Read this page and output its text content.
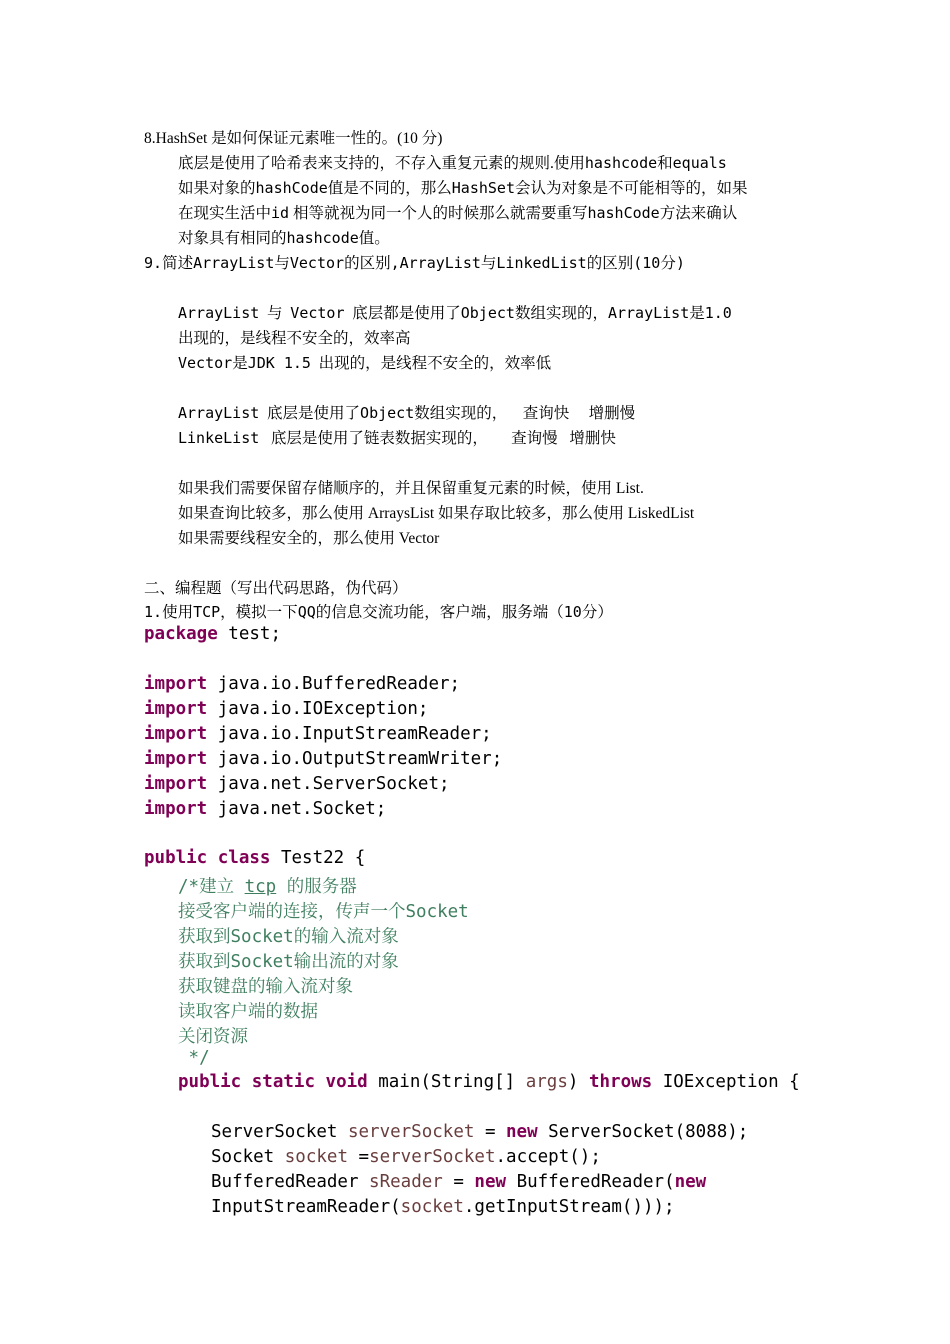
8.HashSet 是如何保证元素唯一性的。(10 分)
底层是使用了哈希表来支持的，不存入重复元素的规则.使用hashcode和equals
如果对象的hashCode值是不同的，那么HashSet会认为对象是不可能相等的，如果
在现实生活中id 相等就视为同一个人的时候那么就需要重写hashCode方法来确认
对象具有相同的hashcode值。
9.简述ArrayList与Vector的区别,ArrayList与LinkedList的区别(10分)
ArrayList 与 Vector 底层都是使用了Object数组实现的，ArrayList是1.0
出现的，是线程不安全的，效率高
Vector是JDK 1.5 出现的，是线程不安全的，效率低
ArrayList 底层是使用了Object数组实现的， 查询快 增删慢
LinkeList 底层是使用了链表数据实现的， 查询慢 增删快
如果我们需要保留存储顺序的，并且保留重复元素的时候，使用 List.
如果查询比较多，那么使用 ArraysList 如果存取比较多，那么使用 LiskedList
如果需要线程安全的，那么使用 Vector
二、编程题（写出代码思路，伪代码）
1.使用TCP，模拟一下QQ的信息交流功能，客户端，服务端（10分）
package test;
import java.io.BufferedReader;
import java.io.IOException;
import java.io.InputStreamReader;
import java.io.OutputStreamWriter;
import java.net.ServerSocket;
import java.net.Socket;
public class Test22 {
/*建立 tcp 的服务器
接受客户端的连接，传声一个Socket
获取到Socket的输入流对象
获取到Socket输出流的对象
获取键盘的输入流对象
读取客户端的数据
关闭资源
*/
public static void main(String[] args) throws IOException {
ServerSocket serverSocket = new ServerSocket(8088);
Socket socket =serverSocket.accept();
BufferedReader sReader = new BufferedReader(new
InputStreamReader(socket.getInputStream()));
